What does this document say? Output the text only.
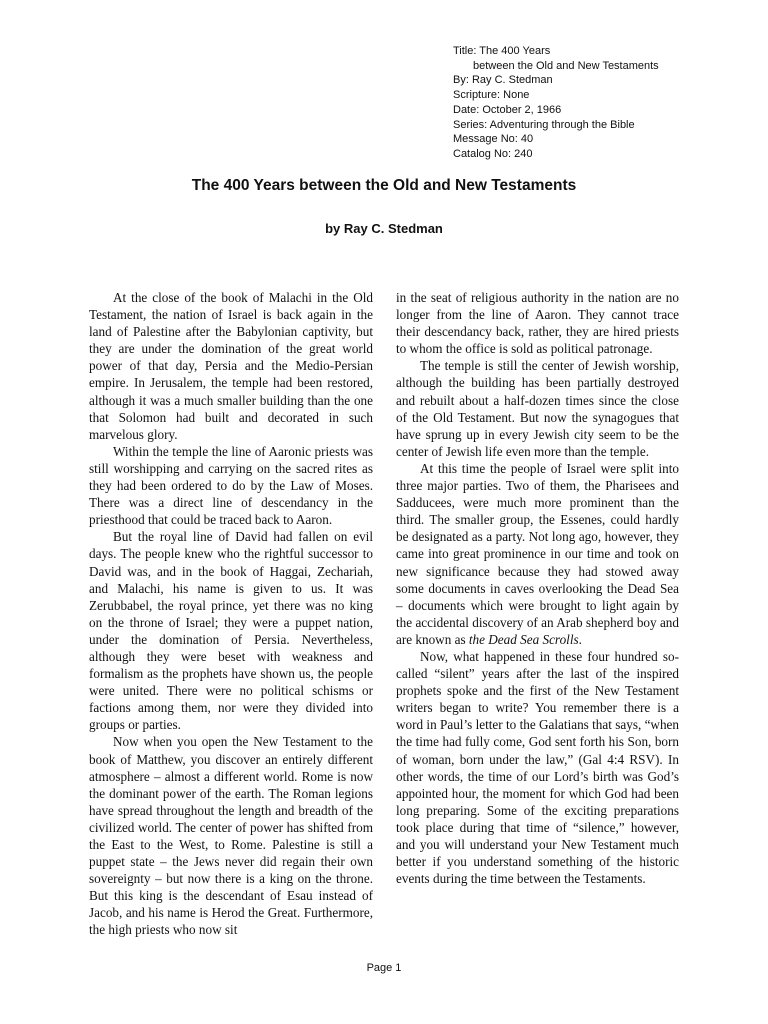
Title: The 400 Years
between the Old and New Testaments
By: Ray C. Stedman
Scripture: None
Date: October 2, 1966
Series: Adventuring through the Bible
Message No: 40
Catalog No: 240
The 400 Years between the Old and New Testaments
by Ray C. Stedman

At the close of the book of Malachi in the Old Testament, the nation of Israel is back again in the land of Palestine after the Babylonian captivity, but they are under the domination of the great world power of that day, Persia and the Medio-Persian empire. In Jerusalem, the temple had been restored, although it was a much smaller building than the one that Solomon had built and decorated in such marvelous glory.

Within the temple the line of Aaronic priests was still worshipping and carrying on the sacred rites as they had been ordered to do by the Law of Moses. There was a direct line of descendancy in the priesthood that could be traced back to Aaron.

But the royal line of David had fallen on evil days. The people knew who the rightful successor to David was, and in the book of Haggai, Zechariah, and Malachi, his name is given to us. It was Zerubbabel, the royal prince, yet there was no king on the throne of Israel; they were a puppet nation, under the domination of Persia. Nevertheless, although they were beset with weakness and formalism as the prophets have shown us, the people were united. There were no political schisms or factions among them, nor were they divided into groups or parties.

Now when you open the New Testament to the book of Matthew, you discover an entirely different atmosphere – almost a different world. Rome is now the dominant power of the earth. The Roman legions have spread throughout the length and breadth of the civilized world. The center of power has shifted from the East to the West, to Rome. Palestine is still a puppet state – the Jews never did regain their own sovereignty – but now there is a king on the throne. But this king is the descendant of Esau instead of Jacob, and his name is Herod the Great. Furthermore, the high priests who now sit

in the seat of religious authority in the nation are no longer from the line of Aaron. They cannot trace their descendancy back, rather, they are hired priests to whom the office is sold as political patronage.

The temple is still the center of Jewish worship, although the building has been partially destroyed and rebuilt about a half-dozen times since the close of the Old Testament. But now the synagogues that have sprung up in every Jewish city seem to be the center of Jewish life even more than the temple.

At this time the people of Israel were split into three major parties. Two of them, the Pharisees and Sadducees, were much more prominent than the third. The smaller group, the Essenes, could hardly be designated as a party. Not long ago, however, they came into great prominence in our time and took on new significance because they had stowed away some documents in caves overlooking the Dead Sea – documents which were brought to light again by the accidental discovery of an Arab shepherd boy and are known as the Dead Sea Scrolls.

Now, what happened in these four hundred so-called “silent” years after the last of the inspired prophets spoke and the first of the New Testament writers began to write? You remember there is a word in Paul’s letter to the Galatians that says, “when the time had fully come, God sent forth his Son, born of woman, born under the law,” (Gal 4:4 RSV). In other words, the time of our Lord’s birth was God’s appointed hour, the moment for which God had been long preparing. Some of the exciting preparations took place during that time of “silence,” however, and you will understand your New Testament much better if you understand something of the historic events during the time between the Testaments.

Page 1
